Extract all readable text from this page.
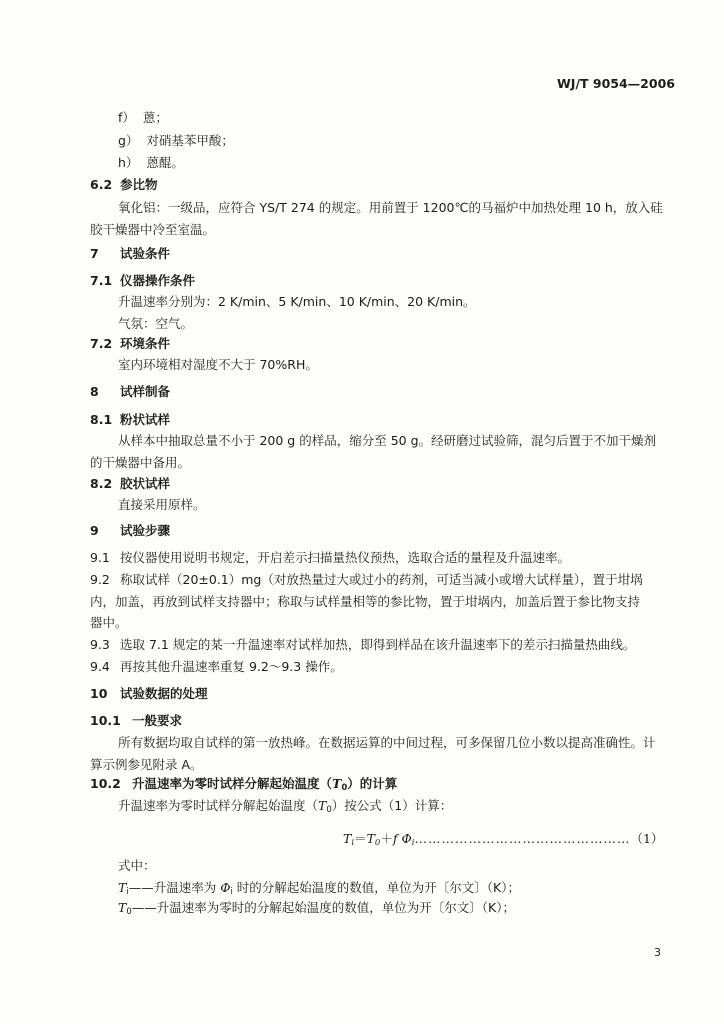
WJ/T 9054—2006
f） 蒽；
g） 对硝基苯甲酸；
h） 蒽醌。
6.2 参比物
氧化铝：一级品，应符合 YS/T 274 的规定。用前置于 1200℃的马福炉中加热处理 10 h，放入硅
胶干燥器中冷至室温。
7 试验条件
7.1 仪器操作条件
升温速率分别为：2 K/min、5 K/min、10 K/min、20 K/min。
气氛：空气。
7.2 环境条件
室内环境相对湿度不大于 70%RH。
8 试样制备
8.1 粉状试样
从样本中抽取总量不小于 200 g 的样品，缩分至 50 g。经研磨过试验筛，混匀后置于不加干燥剂
的干燥器中备用。
8.2 胶状试样
直接采用原样。
9 试验步骤
9.1 按仪器使用说明书规定，开启差示扫描量热仪预热，选取合适的量程及升温速率。
9.2 称取试样（20±0.1）mg（对放热量过大或过小的药剂，可适当减小或增大试样量），置于坩埚
内，加盖，再放到试样支持器中；称取与试样量相等的参比物，置于坩埚内，加盖后置于参比物支持
器中。
9.3 选取 7.1 规定的某一升温速率对试样加热，即得到样品在该升温速率下的差示扫描量热曲线。
9.4 再按其他升温速率重复 9.2～9.3 操作。
10 试验数据的处理
10.1 一般要求
所有数据均取自试样的第一放热峰。在数据运算的中间过程，可多保留几位小数以提高准确性。计
算示例参见附录 A。
10.2 升温速率为零时试样分解起始温度$(T_0)$的计算
升温速率为零时试样分解起始温度$(T_0)$按公式（1）计算：
$T_i=T_0+f$ $\Phi_i\dots\dots\dots\dots\dots\dots\dots\dots\dots\dots\dots\dots\dots\dots\dots\dots(1)$
式中：
$T_i——$升温速率为 $\Phi_i$ 时的分解起始温度的数值，单位为开〔尔文〕（K）；
$T_0——$升温速率为零时的分解起始温度的数值，单位为开〔尔文〕（K）；
3
